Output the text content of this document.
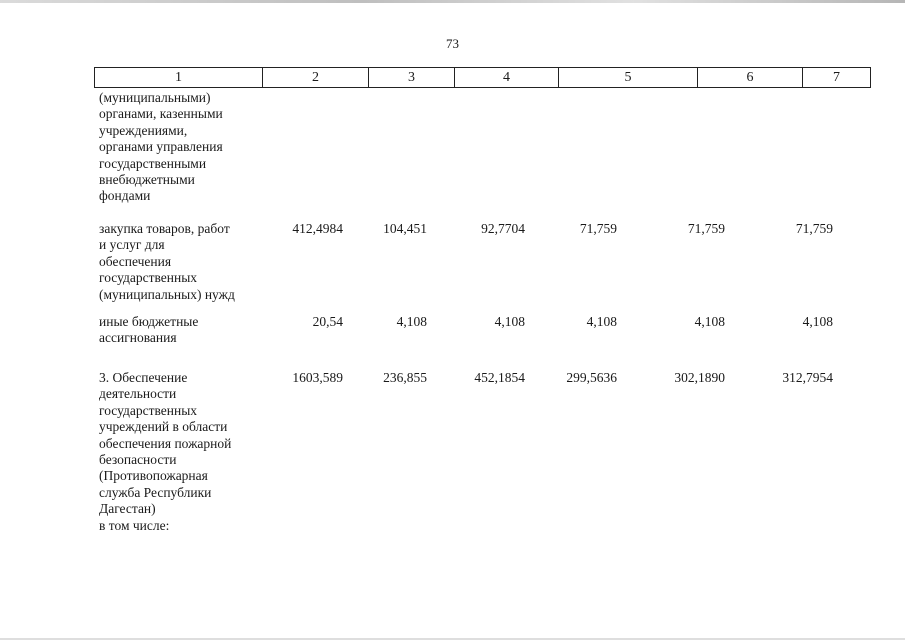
73
1	2	3	4	5	6	7
(муниципальными)
органами, казенными
учреждениями,
органами управления
государственными
внебюджетными
фондами
закупка товаров, работ
и услуг для
обеспечения
государственных
(муниципальных) нужд
412,4984	104,451	92,7704	71,759	71,759	71,759
иные бюджетные
ассигнования
20,54	4,108	4,108	4,108	4,108	4,108
3. Обеспечение
деятельности
государственных
учреждений в области
обеспечения пожарной
безопасности
(Противопожарная
служба Республики
Дагестан)
в том числе:
1603,589	236,855	452,1854	299,5636	302,1890	312,7954
